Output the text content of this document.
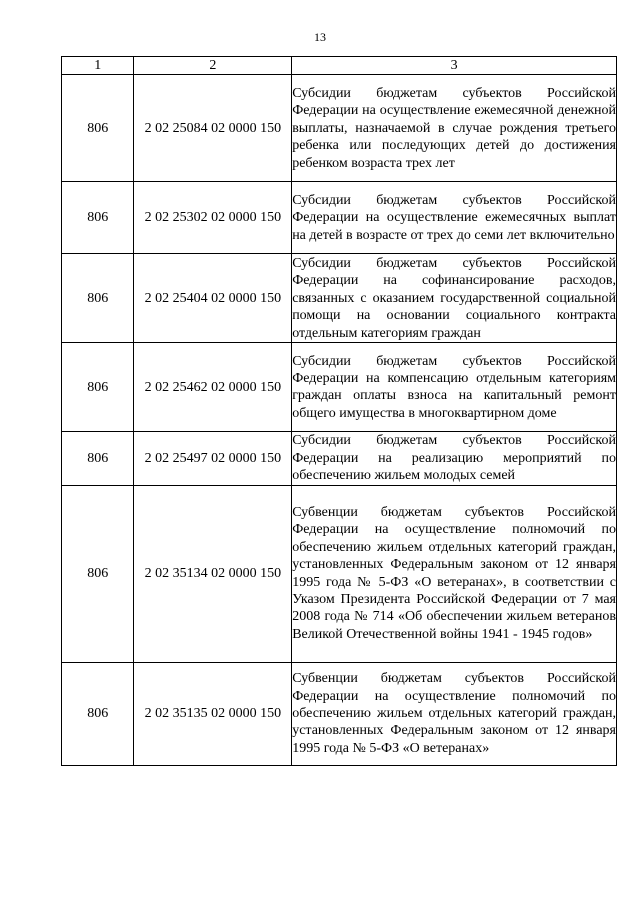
13
1	2	3
806	2 02 25084 02 0000 150	Субсидии бюджетам субъектов Российской Федерации на осуществление ежемесячной денежной выплаты, назначаемой в случае рождения третьего ребенка или последующих детей до достижения ребенком возраста трех лет
806	2 02 25302 02 0000 150	Субсидии бюджетам субъектов Российской Федерации на осуществление ежемесячных выплат на детей в возрасте от трех до семи лет включительно
806	2 02 25404 02 0000 150	Субсидии бюджетам субъектов Российской Федерации на софинансирование расходов, связанных с оказанием государственной социальной помощи на основании социального контракта отдельным категориям граждан
806	2 02 25462 02 0000 150	Субсидии бюджетам субъектов Российской Федерации на компенсацию отдельным категориям граждан оплаты взноса на капитальный ремонт общего имущества в многоквартирном доме
806	2 02 25497 02 0000 150	Субсидии бюджетам субъектов Российской Федерации на реализацию мероприятий по обеспечению жильем молодых семей
806	2 02 35134 02 0000 150	Субвенции бюджетам субъектов Российской Федерации на осуществление полномочий по обеспечению жильем отдельных категорий граждан, установленных Федеральным законом от 12 января 1995 года № 5-ФЗ «О ветеранах», в соответствии с Указом Президента Российской Федерации от 7 мая 2008 года № 714 «Об обеспечении жильем ветеранов Великой Отечественной войны 1941 - 1945 годов»
806	2 02 35135 02 0000 150	Субвенции бюджетам субъектов Российской Федерации на осуществление полномочий по обеспечению жильем отдельных категорий граждан, установленных Федеральным законом от 12 января 1995 года № 5-ФЗ «О ветеранах»
